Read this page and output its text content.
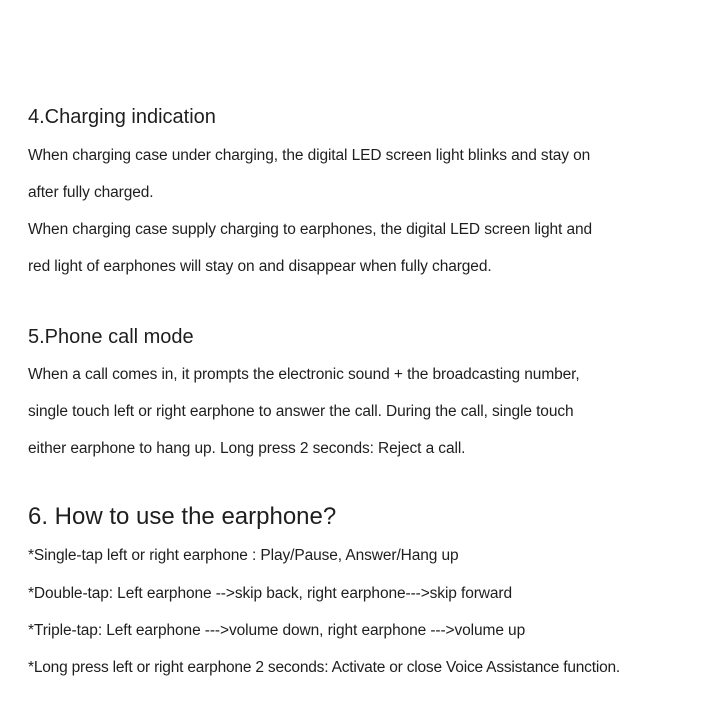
4.Charging indication
When charging case under charging, the digital LED screen light blinks and stay on
after fully charged.
When charging case supply charging to earphones, the digital LED screen light and
red light of earphones will stay on and disappear when fully charged.
5.Phone call mode
When a call comes in, it prompts the electronic sound + the broadcasting number,
single touch left or right earphone to answer the call. During the call, single touch
either earphone to hang up. Long press 2 seconds: Reject a call.
6. How to use the earphone?
*Single-tap left or right earphone : Play/Pause, Answer/Hang up
*Double-tap: Left earphone -->skip back, right earphone--->skip forward
*Triple-tap: Left earphone --->volume down, right earphone --->volume up
*Long press left or right earphone 2 seconds: Activate or close Voice Assistance function.
